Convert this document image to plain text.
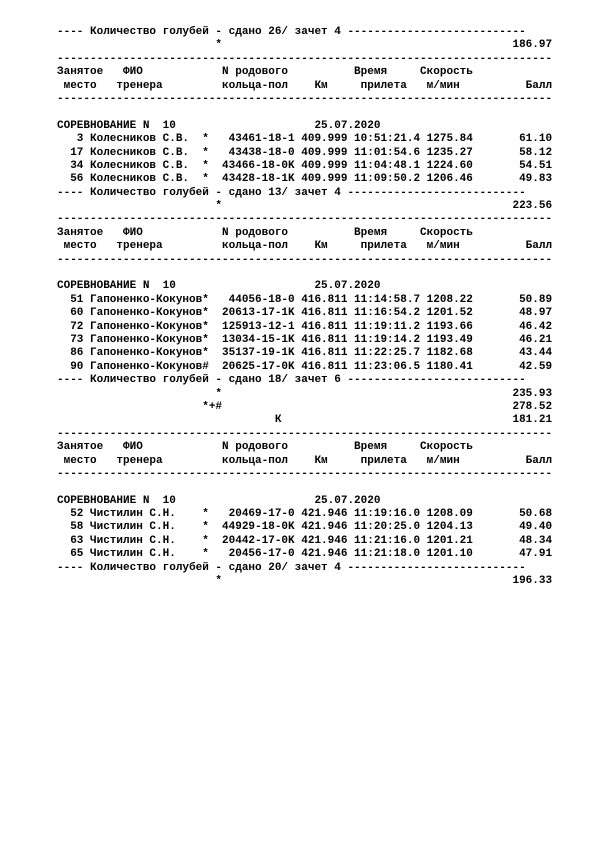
---- Количество голубей - сдано 26/ зачет 4 ---------------------------
*                                            186.97
---------------------------------------------------------------------------
Занятое   ФИО            N родового          Время     Скорость
место   тренера         кольца-пол    Км     прилета   м/мин          Балл
---------------------------------------------------------------------------

СОРЕВНОВАНИЕ N  10                     25.07.2020
3 Колесников С.В.  *   43461-18-1 409.999 10:51:21.4 1275.84       61.10
17 Колесников С.В.  *   43438-18-0 409.999 11:01:54.6 1235.27       58.12
34 Колесников С.В.  *  43466-18-0K 409.999 11:04:48.1 1224.60       54.51
56 Колесников С.В.  *  43428-18-1K 409.999 11:09:50.2 1206.46       49.83
---- Количество голубей - сдано 13/ зачет 4 ---------------------------
*                                            223.56
---------------------------------------------------------------------------
Занятое   ФИО            N родового          Время     Скорость
место   тренера         кольца-пол    Км     прилета   м/мин          Балл
---------------------------------------------------------------------------

СОРЕВНОВАНИЕ N  10                     25.07.2020
51 Гапоненко-Кокунов*   44056-18-0 416.811 11:14:58.7 1208.22       50.89
60 Гапоненко-Кокунов*  20613-17-1K 416.811 11:16:54.2 1201.52       48.97
72 Гапоненко-Кокунов*  125913-12-1 416.811 11:19:11.2 1193.66       46.42
73 Гапоненко-Кокунов*  13034-15-1K 416.811 11:19:14.2 1193.49       46.21
86 Гапоненко-Кокунов*  35137-19-1K 416.811 11:22:25.7 1182.68       43.44
90 Гапоненко-Кокунов#  20625-17-0K 416.811 11:23:06.5 1180.41       42.59
---- Количество голубей - сдано 18/ зачет 6 ---------------------------
*                                            235.93
*+#                                            278.52
К                                   181.21
---------------------------------------------------------------------------
Занятое   ФИО            N родового          Время     Скорость
место   тренера         кольца-пол    Км     прилета   м/мин          Балл
---------------------------------------------------------------------------

СОРЕВНОВАНИЕ N  10                     25.07.2020
52 Чистилин С.Н.    *   20469-17-0 421.946 11:19:16.0 1208.09       50.68
58 Чистилин С.Н.    *  44929-18-0K 421.946 11:20:25.0 1204.13       49.40
63 Чистилин С.Н.    *  20442-17-0K 421.946 11:21:16.0 1201.21       48.34
65 Чистилин С.Н.    *   20456-17-0 421.946 11:21:18.0 1201.10       47.91
---- Количество голубей - сдано 20/ зачет 4 ---------------------------
*                                            196.33
